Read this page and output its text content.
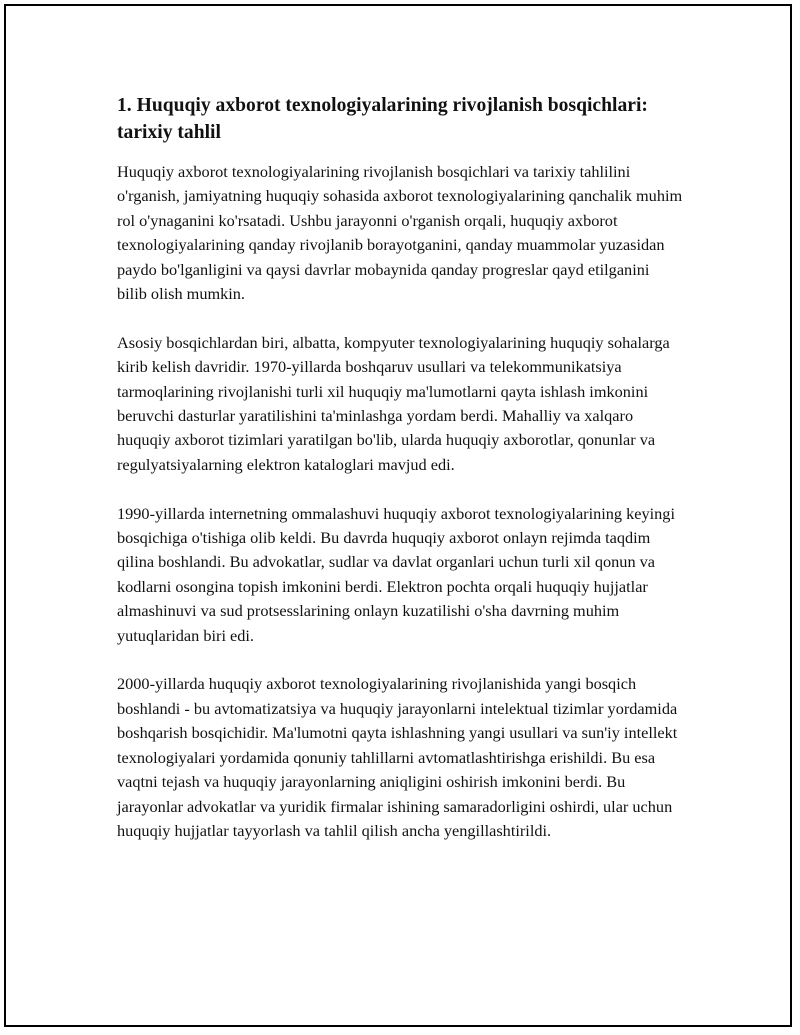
1. Huquqiy axborot texnologiyalarining rivojlanish bosqichlari: tarixiy tahlil

Huquqiy axborot texnologiyalarining rivojlanish bosqichlari va tarixiy tahlilini o'rganish, jamiyatning huquqiy sohasida axborot texnologiyalarining qanchalik muhim rol o'ynaganini ko'rsatadi. Ushbu jarayonni o'rganish orqali, huquqiy axborot texnologiyalarining qanday rivojlanib borayotganini, qanday muammolar yuzasidan paydo bo'lganligini va qaysi davrlar mobaynida qanday progreslar qayd etilganini bilib olish mumkin.

Asosiy bosqichlardan biri, albatta, kompyuter texnologiyalarining huquqiy sohalarga kirib kelish davridir. 1970-yillarda boshqaruv usullari va telekommunikatsiya tarmoqlarining rivojlanishi turli xil huquqiy ma'lumotlarni qayta ishlash imkonini beruvchi dasturlar yaratilishini ta'minlashga yordam berdi. Mahalliy va xalqaro huquqiy axborot tizimlari yaratilgan bo'lib, ularda huquqiy axborotlar, qonunlar va regulyatsiyalarning elektron kataloglari mavjud edi.

1990-yillarda internetning ommalashuvi huquqiy axborot texnologiyalarining keyingi bosqichiga o'tishiga olib keldi. Bu davrda huquqiy axborot onlayn rejimda taqdim qilina boshlandi. Bu advokatlar, sudlar va davlat organlari uchun turli xil qonun va kodlarni osongina topish imkonini berdi. Elektron pochta orqali huquqiy hujjatlar almashinuvi va sud protsesslarining onlayn kuzatilishi o'sha davrning muhim yutuqlaridan biri edi.

2000-yillarda huquqiy axborot texnologiyalarining rivojlanishida yangi bosqich boshlandi - bu avtomatizatsiya va huquqiy jarayonlarni intelektual tizimlar yordamida boshqarish bosqichidir. Ma'lumotni qayta ishlashning yangi usullari va sun'iy intellekt texnologiyalari yordamida qonuniy tahlillarni avtomatlashtirishga erishildi. Bu esa vaqtni tejash va huquqiy jarayonlarning aniqligini oshirish imkonini berdi. Bu jarayonlar advokatlar va yuridik firmalar ishining samaradorligini oshirdi, ular uchun huquqiy hujjatlar tayyorlash va tahlil qilish ancha yengillashtirildi.
